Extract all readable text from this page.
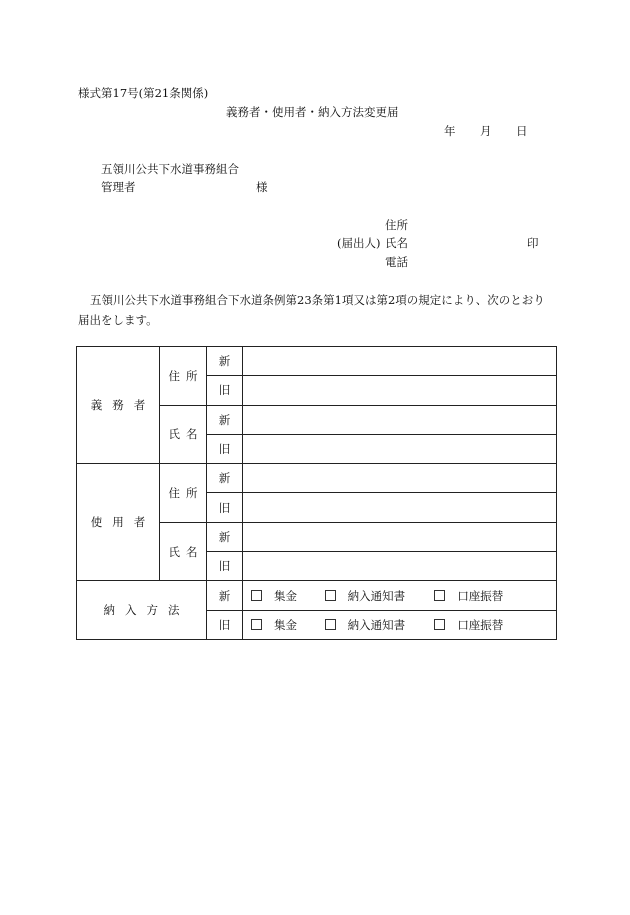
様式第17号(第21条関係)
義務者・使用者・納入方法変更届
年 月 日
五領川公共下水道事務組合
管理者	様
住所
(届出人) 氏名	印
電話
五領川公共下水道事務組合下水道条例第23条第1項又は第2項の規定により、次のとおり届出をします。
義務者	住所	新	
		旧	
	氏名	新	
		旧	
使用者	住所	新	
		旧	
	氏名	新	
		旧	
納入方法		新	集金 納入通知書 口座振替
		旧	集金 納入通知書 口座振替
